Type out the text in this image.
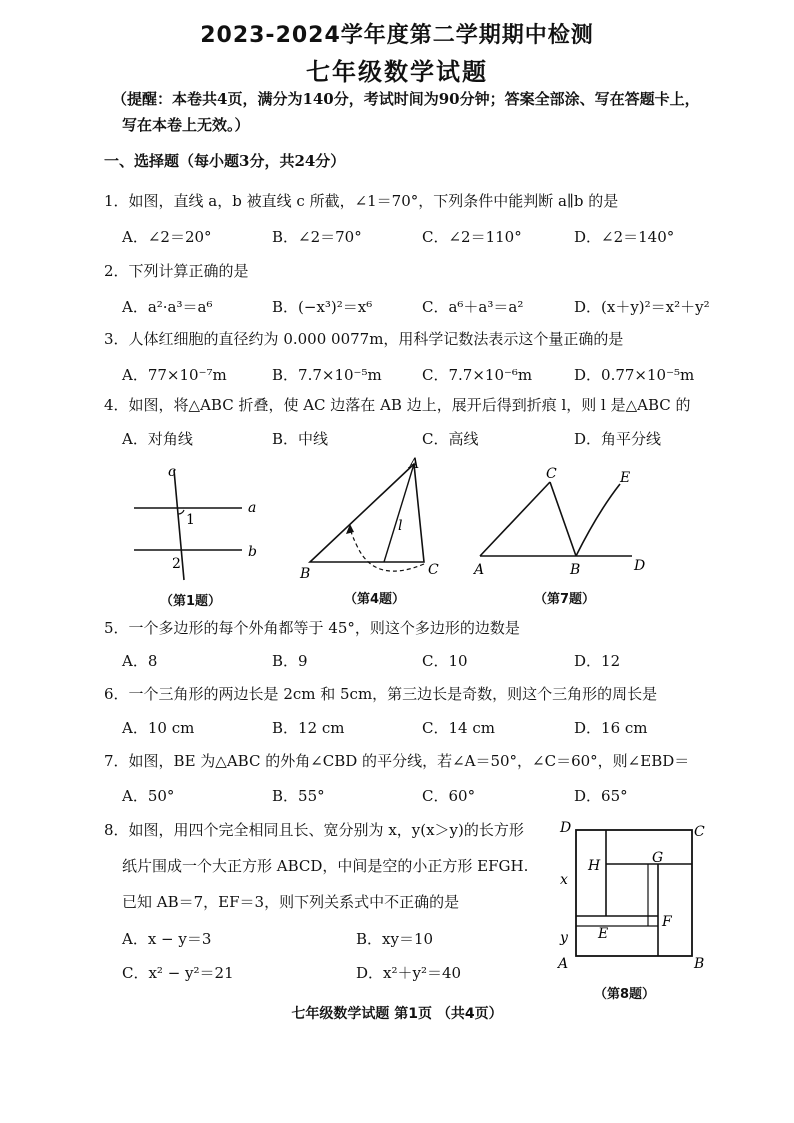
2023-2024学年度第二学期期中检测
七年级数学试题
（提醒：本卷共4页，满分为140分，考试时间为90分钟；答案全部涂、写在答题卡上，
写在本卷上无效。）
一、选择题（每小题3分，共24分）
1．如图，直线 a，b 被直线 c 所截，∠1＝70°，下列条件中能判断 a∥b 的是
A．∠2＝20°	B．∠2＝70°	C．∠2＝110°	D．∠2＝140°
2．下列计算正确的是
A．a²·a³＝a⁶	B．(−x³)²＝x⁶	C．a⁶＋a³＝a²	D．(x＋y)²＝x²＋y²
3．人体红细胞的直径约为 0.000 0077m，用科学记数法表示这个量正确的是
A．77×10⁻⁷m	B．7.7×10⁻⁵m	C．7.7×10⁻⁶m	D．0.77×10⁻⁵m
4．如图，将△ABC 折叠，使 AC 边落在 AB 边上，展开后得到折痕 l，则 l 是△ABC 的
A．对角线	B．中线	C．高线	D．角平分线
c
a
b
1
2
（第1题）
A
B	C
l
（第4题）
C	E
A	B	D
（第7题）
5．一个多边形的每个外角都等于 45°，则这个多边形的边数是
A．8	B．9	C．10	D．12
6．一个三角形的两边长是 2cm 和 5cm，第三边长是奇数，则这个三角形的周长是
A．10 cm	B．12 cm	C．14 cm	D．16 cm
7．如图，BE 为△ABC 的外角∠CBD 的平分线，若∠A＝50°，∠C＝60°，则∠EBD＝
A．50°	B．55°	C．60°	D．65°
8．如图，用四个完全相同且长、宽分别为 x，y(x＞y)的长方形
纸片围成一个大正方形 ABCD，中间是空的小正方形 EFGH.
已知 AB＝7，EF＝3，则下列关系式中不正确的是
A．x − y＝3	B．xy＝10
C．x² − y²＝21	D．x²＋y²＝40
D	C
A	B
H	G
E
F
x
y
（第8题）
七年级数学试题 第1页 （共4页）
